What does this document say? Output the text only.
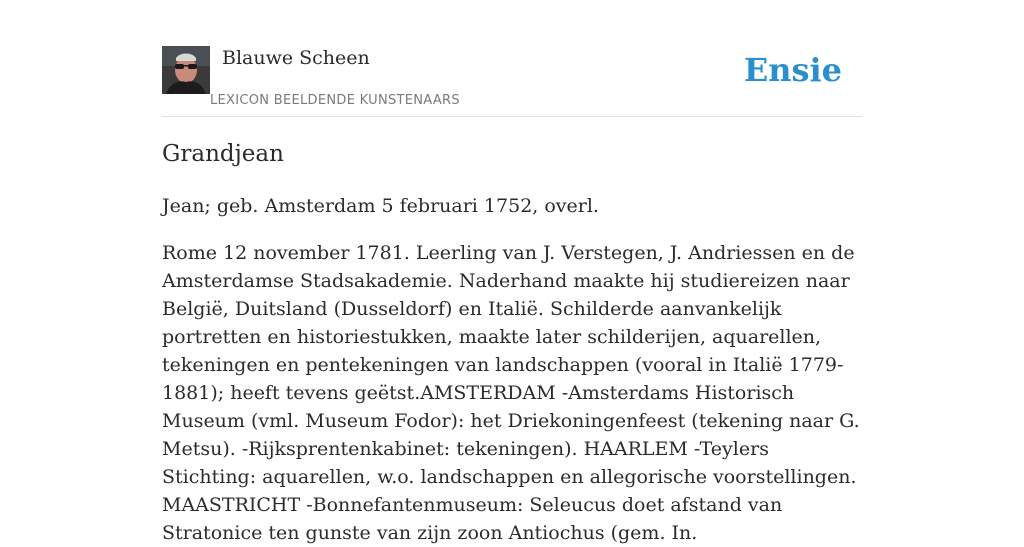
Blauwe Scheen
LEXICON BEELDENDE KUNSTENAARS
Ensie
Grandjean

Jean; geb. Amsterdam 5 februari 1752, overl.

Rome 12 november 1781. Leerling van J. Verstegen, J. Andriessen en de Amsterdamse Stadsakademie. Naderhand maakte hij studiereizen naar België, Duitsland (Dusseldorf) en Italië. Schilderde aanvankelijk portretten en historiestukken, maakte later schilderijen, aquarellen, tekeningen en pentekeningen van landschappen (vooral in Italië 1779-1881); heeft tevens geëtst.AMSTERDAM -Amsterdams Historisch Museum (vml. Museum Fodor): het Driekoningenfeest (tekening naar G. Metsu). -Rijksprentenkabinet: tekeningen). HAARLEM -Teylers Stichting: aquarellen, w.o. landschappen en allegorische voorstellingen. MAASTRICHT -Bonnefantenmuseum: Seleucus doet afstand van Stratonice ten gunste van zijn zoon Antiochus (gem. In.
